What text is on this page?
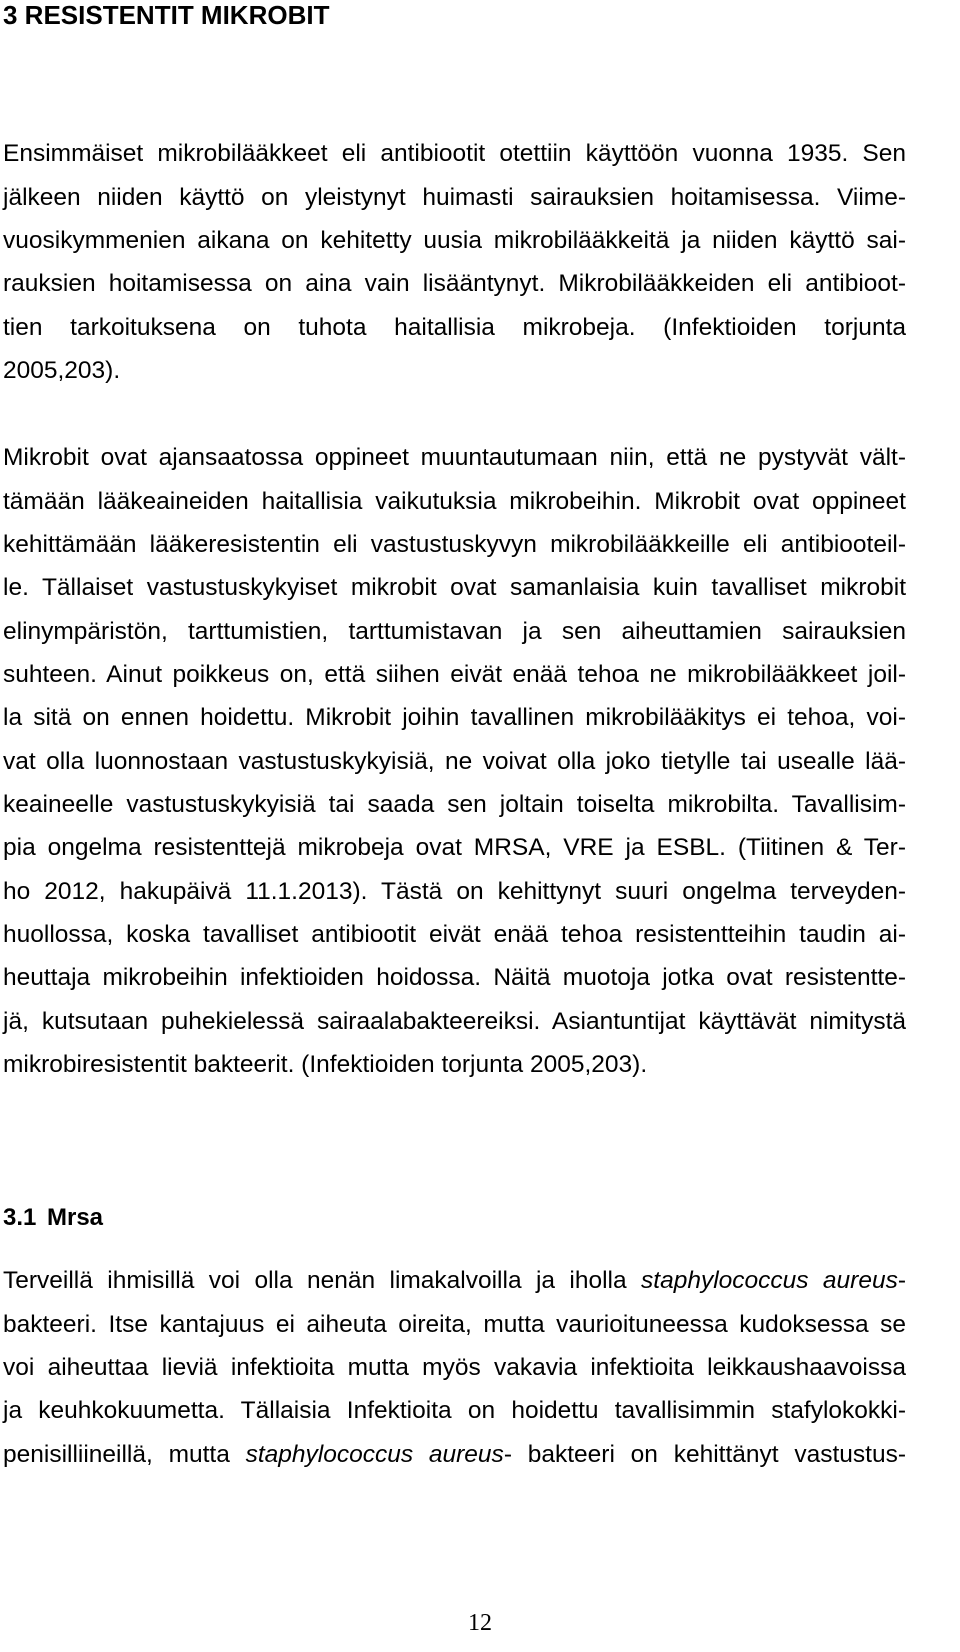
3 RESISTENTIT MIKROBIT
Ensimmäiset mikrobilääkkeet eli antibiootit otettiin käyttöön vuonna 1935. Sen
jälkeen niiden käyttö on yleistynyt huimasti sairauksien hoitamisessa. Viime-
vuosikymmenien aikana on kehitetty uusia mikrobilääkkeitä ja niiden käyttö sai-
rauksien hoitamisessa on aina vain lisääntynyt. Mikrobilääkkeiden eli antibioot-
tien tarkoituksena on tuhota haitallisia mikrobeja. (Infektioiden torjunta
2005,203).
Mikrobit ovat ajansaatossa oppineet muuntautumaan niin, että ne pystyvät vält-
tämään lääkeaineiden haitallisia vaikutuksia mikrobeihin. Mikrobit ovat oppineet
kehittämään lääkeresistentin eli vastustuskyvyn mikrobilääkkeille eli antibiooteil-
le. Tällaiset vastustuskykyiset mikrobit ovat samanlaisia kuin tavalliset mikrobit
elinympäristön, tarttumistien, tarttumistavan ja sen aiheuttamien sairauksien
suhteen. Ainut poikkeus on, että siihen eivät enää tehoa ne mikrobilääkkeet joil-
la sitä on ennen hoidettu. Mikrobit joihin tavallinen mikrobilääkitys ei tehoa, voi-
vat olla luonnostaan vastustuskykyisiä, ne voivat olla joko tietylle tai usealle lää-
keaineelle vastustuskykyisiä tai saada sen joltain toiselta mikrobilta. Tavallisim-
pia ongelma resistenttejä mikrobeja ovat MRSA, VRE ja ESBL. (Tiitinen & Ter-
ho 2012, hakupäivä 11.1.2013). Tästä on kehittynyt suuri ongelma terveyden-
huollossa, koska tavalliset antibiootit eivät enää tehoa resistentteihin taudin ai-
heuttaja mikrobeihin infektioiden hoidossa. Näitä muotoja jotka ovat resistentte-
jä, kutsutaan puhekielessä sairaalabakteereiksi. Asiantuntijat käyttävät nimitystä
mikrobiresistentit bakteerit. (Infektioiden torjunta 2005,203).
3.1 Mrsa
Terveillä ihmisillä voi olla nenän limakalvoilla ja iholla staphylococcus aureus-
bakteeri. Itse kantajuus ei aiheuta oireita, mutta vaurioituneessa kudoksessa se
voi aiheuttaa lieviä infektioita mutta myös vakavia infektioita leikkaushaavoissa
ja keuhkokuumetta. Tällaisia Infektioita on hoidettu tavallisimmin stafylokokki-
penisilliineillä, mutta staphylococcus aureus- bakteeri on kehittänyt vastustus-
12
